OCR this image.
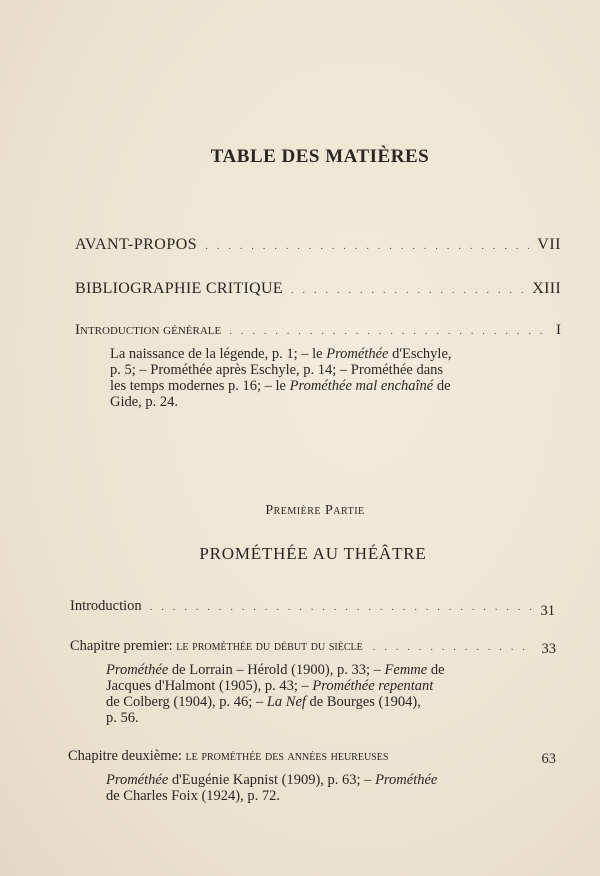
TABLE DES MATIÈRES
AVANT-PROPOS . . .	VII
BIBLIOGRAPHIE CRITIQUE . . .	XIII
Introduction générale . . .	I
La naissance de la légende, p. 1; – le Prométhée d'Eschyle,
p. 5; – Prométhée après Eschyle, p. 14; – Prométhée dans
les temps modernes p. 16; – le Prométhée mal enchaîné de
Gide, p. 24.
Première Partie
PROMÉTHÉE AU THÉÂTRE
Introduction . . .	31
Chapitre premier: le prométhée du début du siècle . . .	33
Prométhée de Lorrain – Hérold (1900), p. 33; – Femme de
Jacques d'Halmont (1905), p. 43; – Prométhée repentant
de Colberg (1904), p. 46; – La Nef de Bourges (1904),
p. 56.
Chapitre deuxième: le prométhée des années heureuses	63
Prométhée d'Eugénie Kapnist (1909), p. 63; – Prométhée
de Charles Foix (1924), p. 72.
